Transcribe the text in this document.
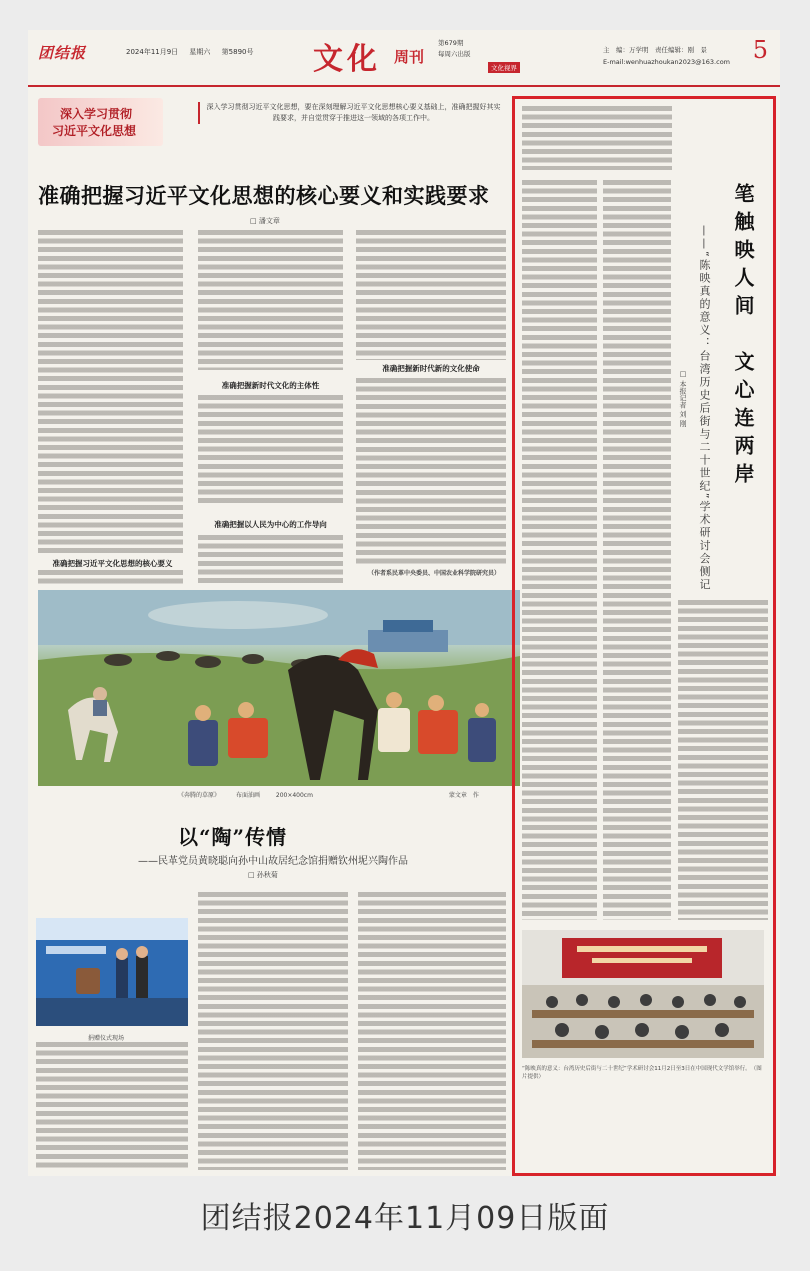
团结报	2024年11月9日 星期六 第5890号	文化 周刊
第679期
每周六出版
文化视界
主　编：万学明　 责任编辑：刚　景
E-mail:wenhuazhoukan2023@163.com 5
深入学习贯彻
习近平文化思想
深入学习贯彻习近平文化思想，要在深刻理解习近平文化思想核心要义基础上，准确把握好其实践要求，并自觉贯穿于推进这一领域的各项工作中。
准确把握习近平文化思想的核心要义和实践要求
□ 潘文章
准确把握习近平文化思想的核心要义
准确把握新时代文化的主体性
准确把握以人民为中心的工作导向
准确把握新时代新的文化使命
（作者系民革中央委员、中国农业科学院研究员）
《奔腾的草原》	布面油画	200×400cm	蒙文章　作
以“陶”传情
——民革党员黄晓聪向孙中山故居纪念馆捐赠钦州坭兴陶作品
□ 孙秋菊
捐赠仪式现场
笔触映人间　文心连两岸
——“陈映真的意义：台湾历史后街与二十世纪”学术研讨会侧记
□ 本报记者 刘 刚
“陈映真的意义：台湾历史后街与二十世纪”学术研讨会11月2日至3日在中国现代文学馆举行。　（图片提供）
团结报2024年11月09日版面
